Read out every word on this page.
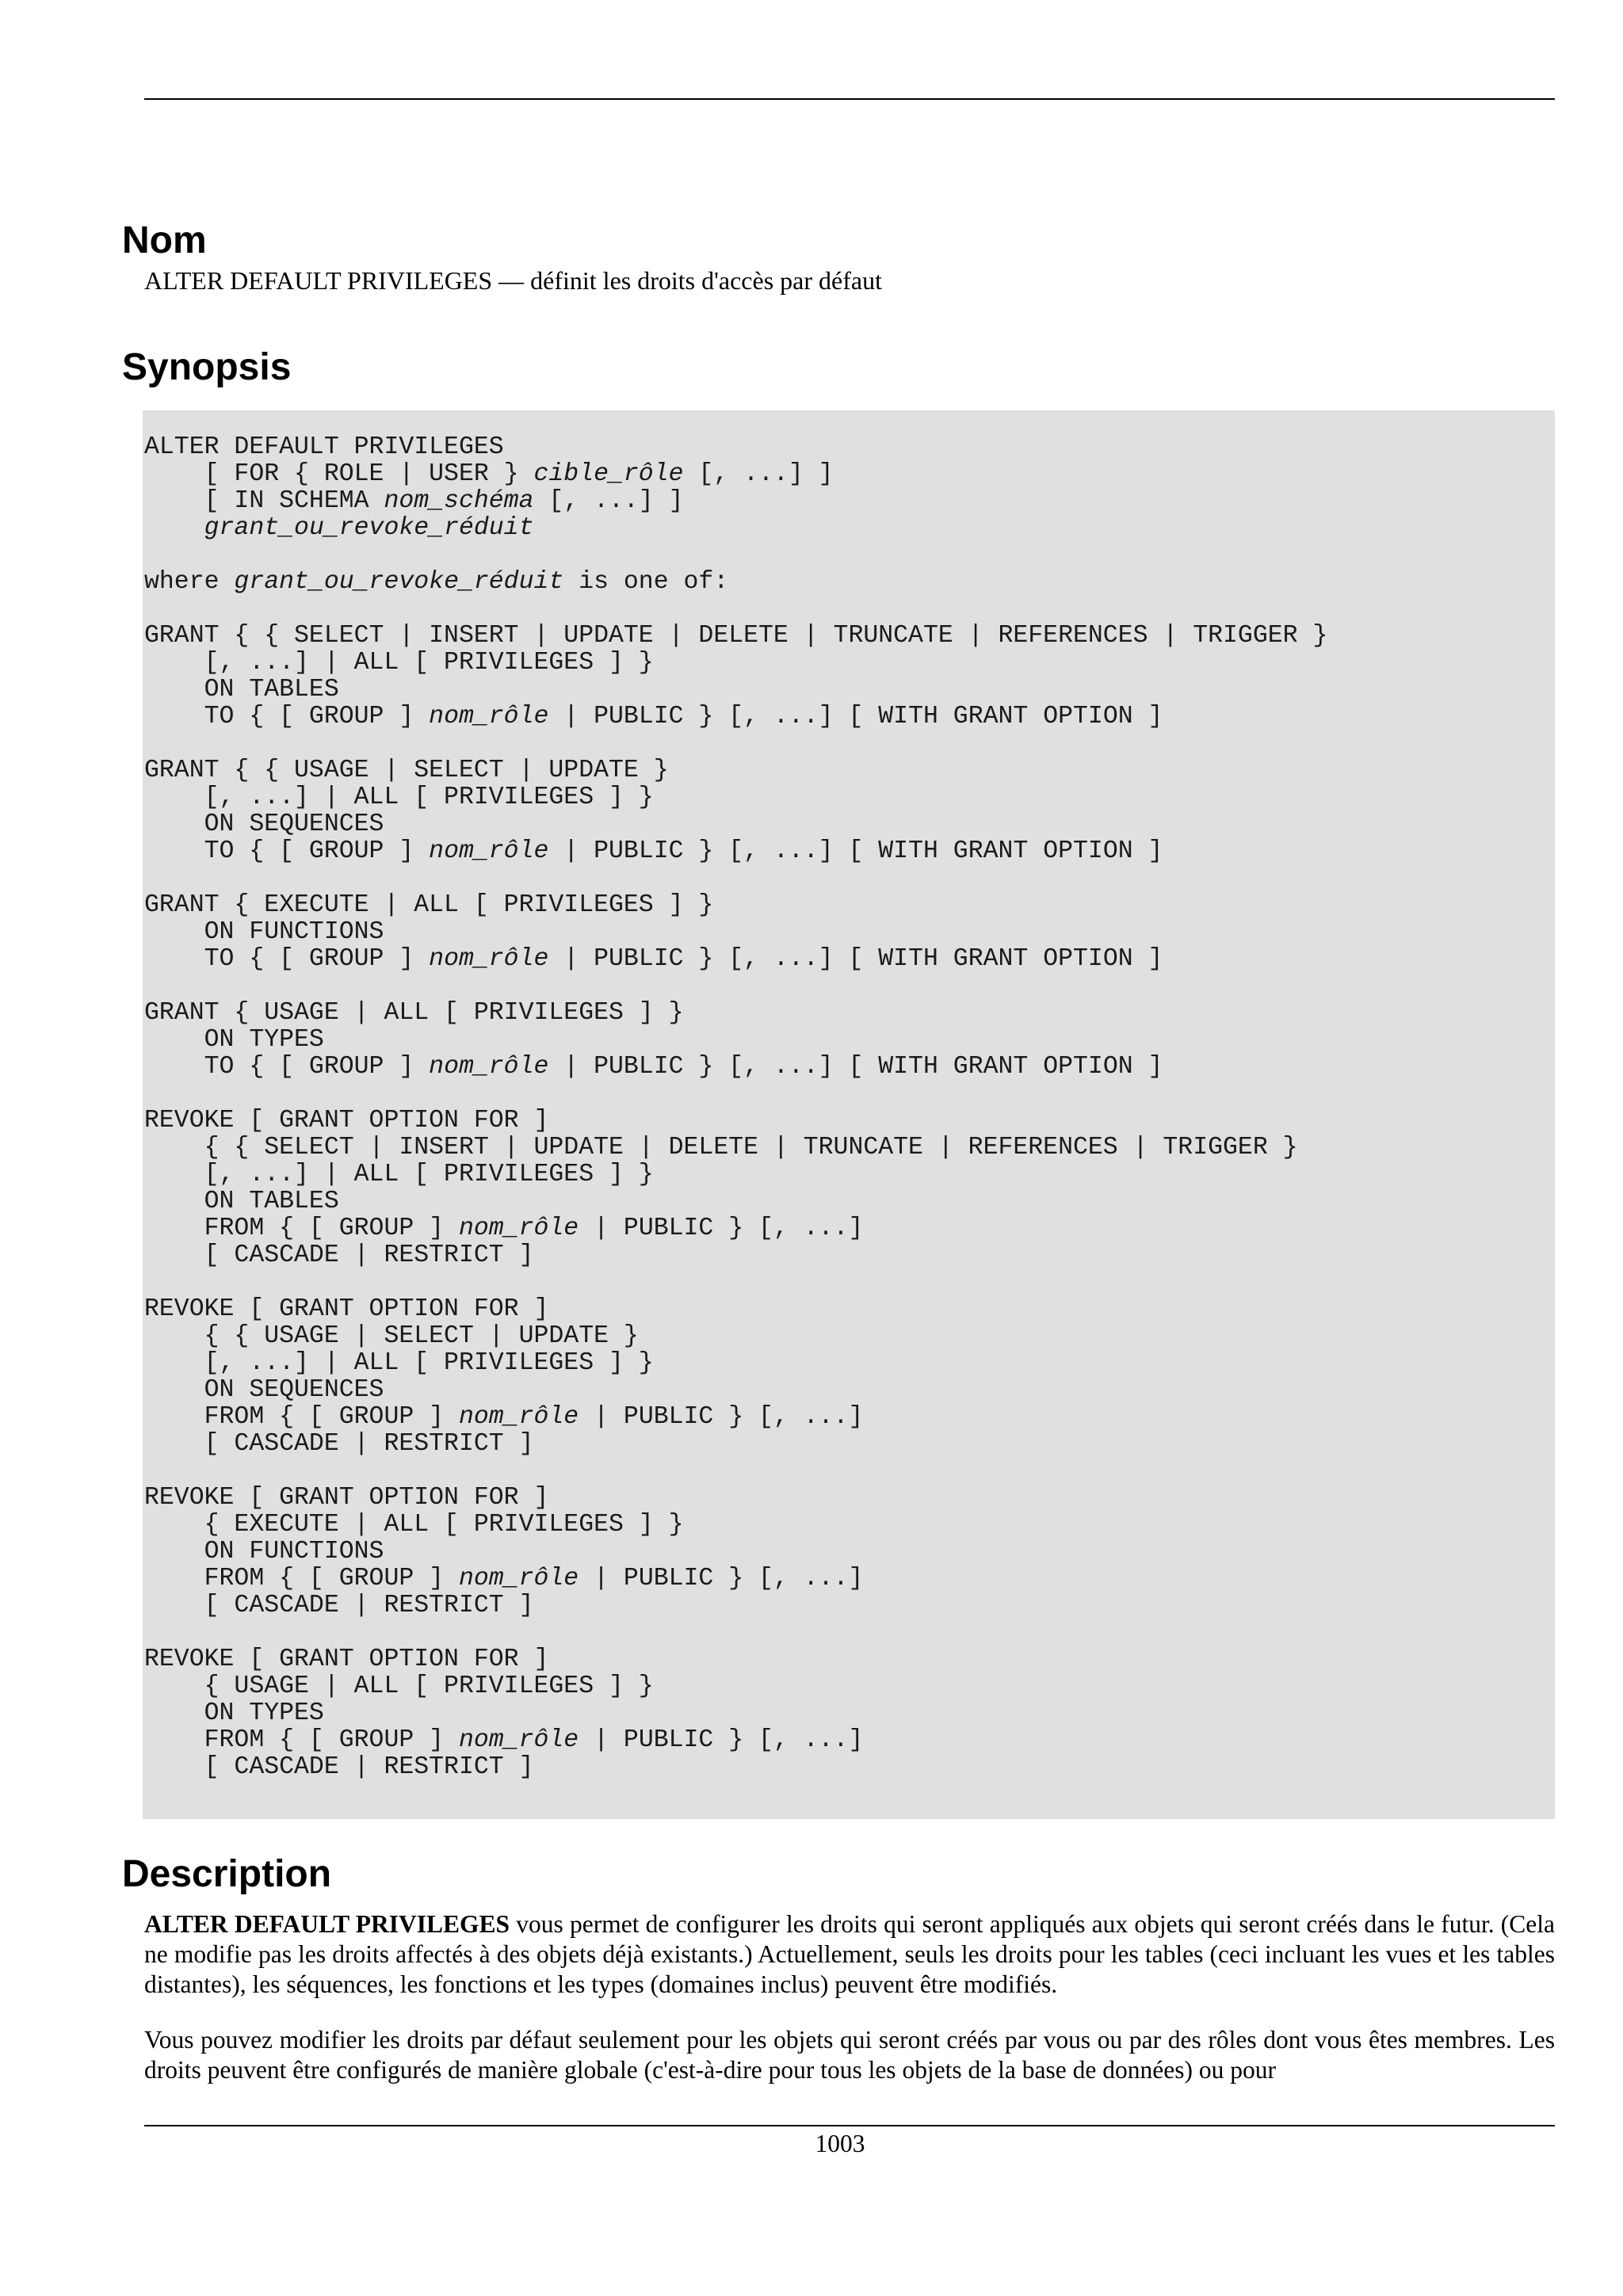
Nom
ALTER DEFAULT PRIVILEGES — définit les droits d'accès par défaut
Synopsis
ALTER DEFAULT PRIVILEGES
[ FOR { ROLE | USER } cible_rôle [, ...] ]
[ IN SCHEMA nom_schéma [, ...] ]
grant_ou_revoke_réduit

where grant_ou_revoke_réduit is one of:

GRANT { { SELECT | INSERT | UPDATE | DELETE | TRUNCATE | REFERENCES | TRIGGER }
[, ...] | ALL [ PRIVILEGES ] }
ON TABLES
TO { [ GROUP ] nom_rôle | PUBLIC } [, ...] [ WITH GRANT OPTION ]

GRANT { { USAGE | SELECT | UPDATE }
[, ...] | ALL [ PRIVILEGES ] }
ON SEQUENCES
TO { [ GROUP ] nom_rôle | PUBLIC } [, ...] [ WITH GRANT OPTION ]

GRANT { EXECUTE | ALL [ PRIVILEGES ] }
ON FUNCTIONS
TO { [ GROUP ] nom_rôle | PUBLIC } [, ...] [ WITH GRANT OPTION ]

GRANT { USAGE | ALL [ PRIVILEGES ] }
ON TYPES
TO { [ GROUP ] nom_rôle | PUBLIC } [, ...] [ WITH GRANT OPTION ]

REVOKE [ GRANT OPTION FOR ]
{ { SELECT | INSERT | UPDATE | DELETE | TRUNCATE | REFERENCES | TRIGGER }
[, ...] | ALL [ PRIVILEGES ] }
ON TABLES
FROM { [ GROUP ] nom_rôle | PUBLIC } [, ...]
[ CASCADE | RESTRICT ]

REVOKE [ GRANT OPTION FOR ]
{ { USAGE | SELECT | UPDATE }
[, ...] | ALL [ PRIVILEGES ] }
ON SEQUENCES
FROM { [ GROUP ] nom_rôle | PUBLIC } [, ...]
[ CASCADE | RESTRICT ]

REVOKE [ GRANT OPTION FOR ]
{ EXECUTE | ALL [ PRIVILEGES ] }
ON FUNCTIONS
FROM { [ GROUP ] nom_rôle | PUBLIC } [, ...]
[ CASCADE | RESTRICT ]

REVOKE [ GRANT OPTION FOR ]
{ USAGE | ALL [ PRIVILEGES ] }
ON TYPES
FROM { [ GROUP ] nom_rôle | PUBLIC } [, ...]
[ CASCADE | RESTRICT ]
Description

ALTER DEFAULT PRIVILEGES vous permet de configurer les droits qui seront appliqués aux objets qui seront créés dans le futur. (Cela ne modifie pas les droits affectés à des objets déjà existants.) Actuellement, seuls les droits pour les tables (ceci incluant les vues et les tables distantes), les séquences, les fonctions et les types (domaines inclus) peuvent être modifiés.

Vous pouvez modifier les droits par défaut seulement pour les objets qui seront créés par vous ou par des rôles dont vous êtes membres. Les droits peuvent être configurés de manière globale (c'est-à-dire pour tous les objets de la base de données) ou pour

1003
